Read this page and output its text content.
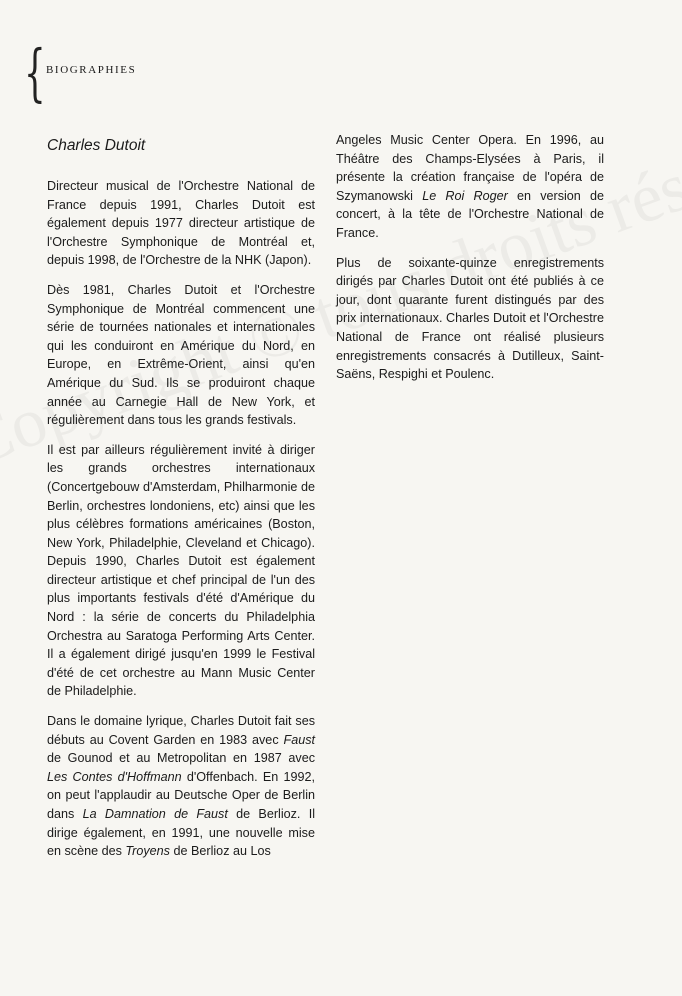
{ BIOGRAPHIES
Charles Dutoit

Directeur musical de l'Orchestre National de France depuis 1991, Charles Dutoit est également depuis 1977 directeur artistique de l'Orchestre Symphonique de Montréal et, depuis 1998, de l'Orchestre de la NHK (Japon).

Dès 1981, Charles Dutoit et l'Orchestre Symphonique de Montréal commencent une série de tournées nationales et internationales qui les conduiront en Amérique du Nord, en Europe, en Extrême-Orient, ainsi qu'en Amérique du Sud. Ils se produiront chaque année au Carnegie Hall de New York, et régulièrement dans tous les grands festivals.

Il est par ailleurs régulièrement invité à diriger les grands orchestres internationaux (Concertgebouw d'Amsterdam, Philharmonie de Berlin, orchestres londoniens, etc) ainsi que les plus célèbres formations américaines (Boston, New York, Philadelphie, Cleveland et Chicago). Depuis 1990, Charles Dutoit est également directeur artistique et chef principal de l'un des plus importants festivals d'été d'Amérique du Nord : la série de concerts du Philadelphia Orchestra au Saratoga Performing Arts Center. Il a également dirigé jusqu'en 1999 le Festival d'été de cet orchestre au Mann Music Center de Philadelphie.

Dans le domaine lyrique, Charles Dutoit fait ses débuts au Covent Garden en 1983 avec Faust de Gounod et au Metropolitan en 1987 avec Les Contes d'Hoffmann d'Offenbach. En 1992, on peut l'applaudir au Deutsche Oper de Berlin dans La Damnation de Faust de Berlioz. Il dirige également, en 1991, une nouvelle mise en scène des Troyens de Berlioz au Los

Angeles Music Center Opera. En 1996, au Théâtre des Champs-Elysées à Paris, il présente la création française de l'opéra de Szymanowski Le Roi Roger en version de concert, à la tête de l'Orchestre National de France.

Plus de soixante-quinze enregistrements dirigés par Charles Dutoit ont été publiés à ce jour, dont quarante furent distingués par des prix internationaux. Charles Dutoit et l'Orchestre National de France ont réalisé plusieurs enregistrements consacrés à Dutilleux, Saint-Saëns, Respighi et Poulenc.
